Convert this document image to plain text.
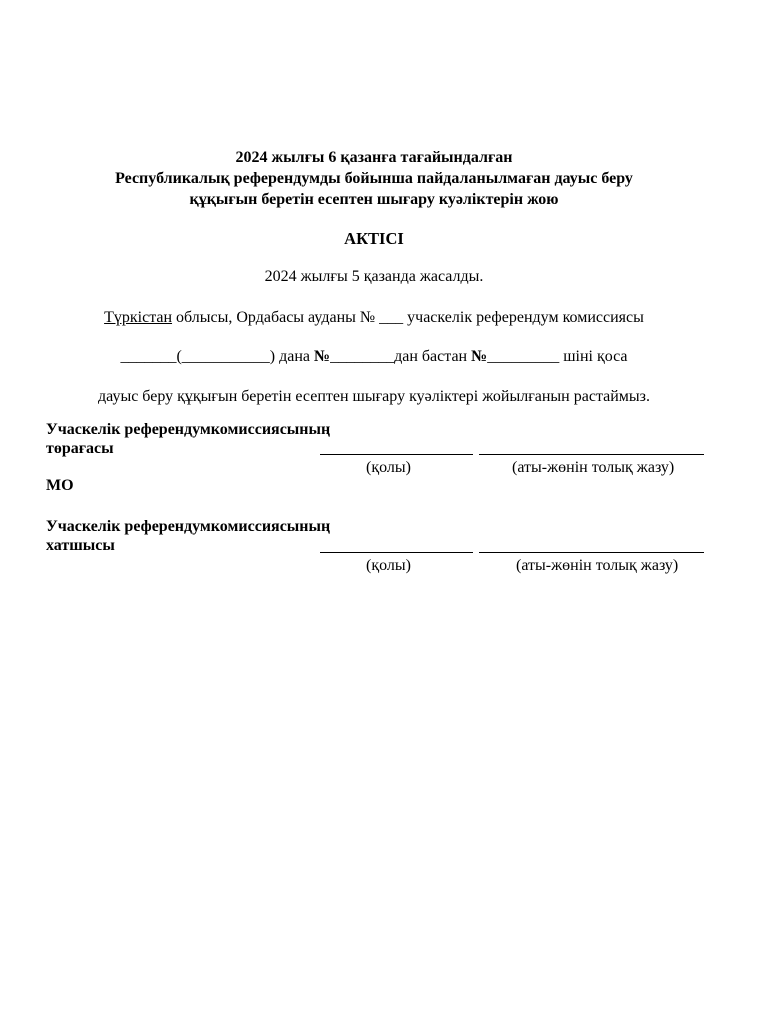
2024 жылғы 6 қазанға тағайындалған
Республикалық референдумды бойынша пайдаланылмаған дауыс беру
құқығын беретін есептен шығару куәліктерін жою
АКТІСІ
2024 жылғы 5 қазанда жасалды.
Түркістан облысы, Ордабасы ауданы № ___ учаскелік референдум комиссиясы
_______(___________) дана №________дан бастан №_________ шіні қоса
дауыс беру құқығын беретін есептен шығару куәліктері жойылғанын растаймыз.
Учаскелік референдумкомиссиясының
төрағасы
(қолы)	(аты-жөнін толық жазу)
МО
Учаскелік референдумкомиссиясының
хатшысы
(қолы)	(аты-жөнін толық жазу)
